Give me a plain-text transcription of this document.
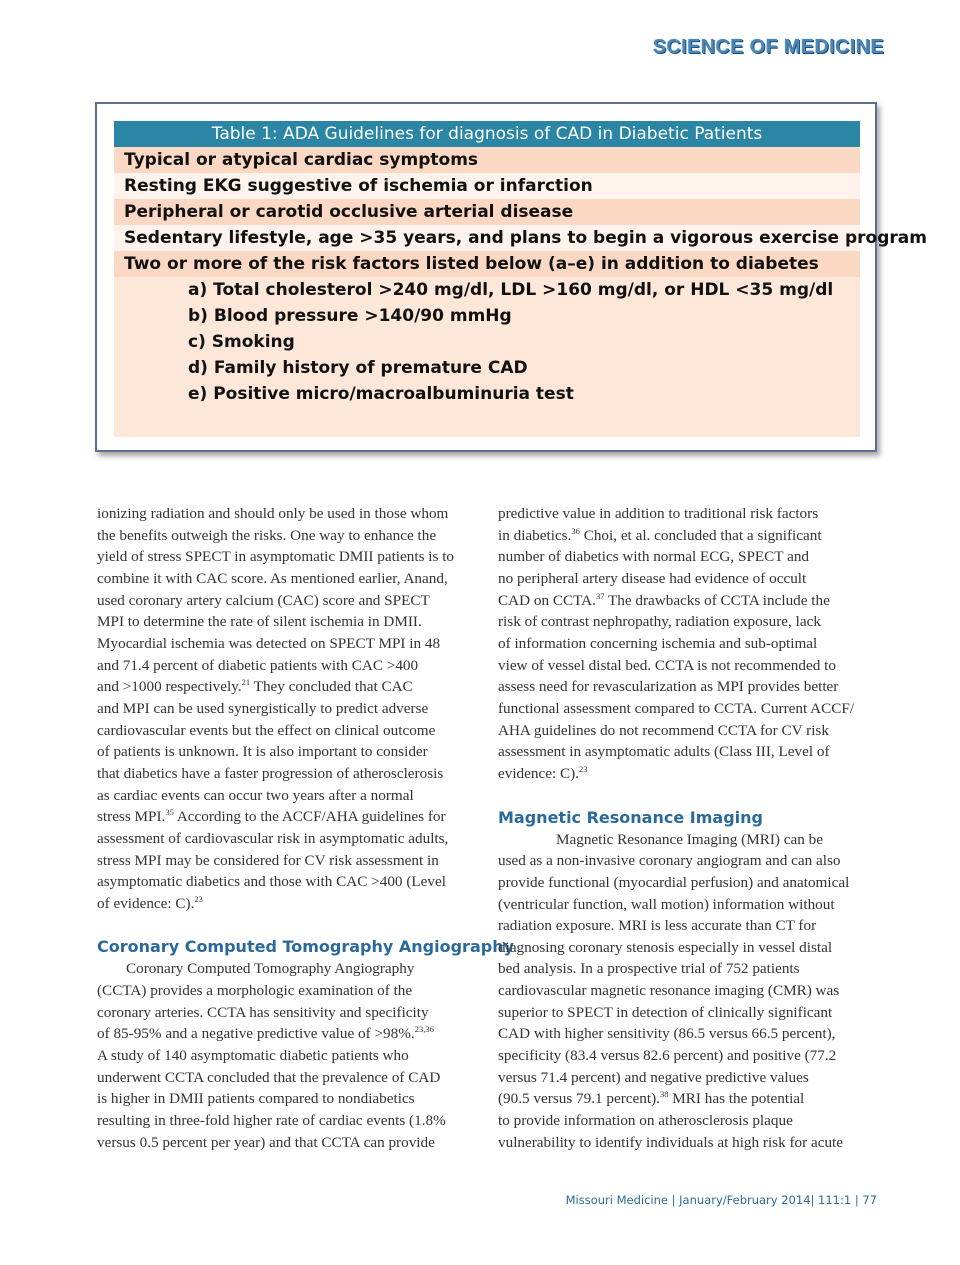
SCIENCE OF MEDICINE
Table 1: ADA Guidelines for diagnosis of CAD in Diabetic Patients
Typical or atypical cardiac symptoms
Resting EKG suggestive of ischemia or infarction
Peripheral or carotid occlusive arterial disease
Sedentary lifestyle, age >35 years, and plans to begin a vigorous exercise program
Two or more of the risk factors listed below (a–e) in addition to diabetes
a) Total cholesterol >240 mg/dl, LDL >160 mg/dl, or HDL <35 mg/dl
b) Blood pressure >140/90 mmHg
c) Smoking
d) Family history of premature CAD
e) Positive micro/macroalbuminuria test

ionizing radiation and should only be used in those whom
the benefits outweigh the risks. One way to enhance the
yield of stress SPECT in asymptomatic DMII patients is to
combine it with CAC score. As mentioned earlier, Anand,
used coronary artery calcium (CAC) score and SPECT
MPI to determine the rate of silent ischemia in DMII.
Myocardial ischemia was detected on SPECT MPI in 48
and 71.4 percent of diabetic patients with CAC >400
and >1000 respectively.$^{21}$ They concluded that CAC
and MPI can be used synergistically to predict adverse
cardiovascular events but the effect on clinical outcome
of patients is unknown. It is also important to consider
that diabetics have a faster progression of atherosclerosis
as cardiac events can occur two years after a normal
stress MPI.$^{35}$ According to the ACCF/AHA guidelines for
assessment of cardiovascular risk in asymptomatic adults,
stress MPI may be considered for CV risk assessment in
asymptomatic diabetics and those with CAC >400 (Level
of evidence: C).$^{23}$

Coronary Computed Tomography Angiography

Coronary Computed Tomography Angiography
(CCTA) provides a morphologic examination of the
coronary arteries. CCTA has sensitivity and specificity
of 85-95% and a negative predictive value of >98%.$^{23,36}$
A study of 140 asymptomatic diabetic patients who
underwent CCTA concluded that the prevalence of CAD
is higher in DMII patients compared to nondiabetics
resulting in three-fold higher rate of cardiac events (1.8%
versus 0.5 percent per year) and that CCTA can provide

predictive value in addition to traditional risk factors
in diabetics.$^{36}$ Choi, et al. concluded that a significant
number of diabetics with normal ECG, SPECT and
no peripheral artery disease had evidence of occult
CAD on CCTA.$^{37}$ The drawbacks of CCTA include the
risk of contrast nephropathy, radiation exposure, lack
of information concerning ischemia and sub-optimal
view of vessel distal bed. CCTA is not recommended to
assess need for revascularization as MPI provides better
functional assessment compared to CCTA. Current ACCF/
AHA guidelines do not recommend CCTA for CV risk
assessment in asymptomatic adults (Class III, Level of
evidence: C).$^{23}$

Magnetic Resonance Imaging

Magnetic Resonance Imaging (MRI) can be
used as a non-invasive coronary angiogram and can also
provide functional (myocardial perfusion) and anatomical
(ventricular function, wall motion) information without
radiation exposure. MRI is less accurate than CT for
diagnosing coronary stenosis especially in vessel distal
bed analysis. In a prospective trial of 752 patients
cardiovascular magnetic resonance imaging (CMR) was
superior to SPECT in detection of clinically significant
CAD with higher sensitivity (86.5 versus 66.5 percent),
specificity (83.4 versus 82.6 percent) and positive (77.2
versus 71.4 percent) and negative predictive values
(90.5 versus 79.1 percent).$^{38}$ MRI has the potential
to provide information on atherosclerosis plaque
vulnerability to identify individuals at high risk for acute

Missouri Medicine | January/February 2014| 111:1 | 77
